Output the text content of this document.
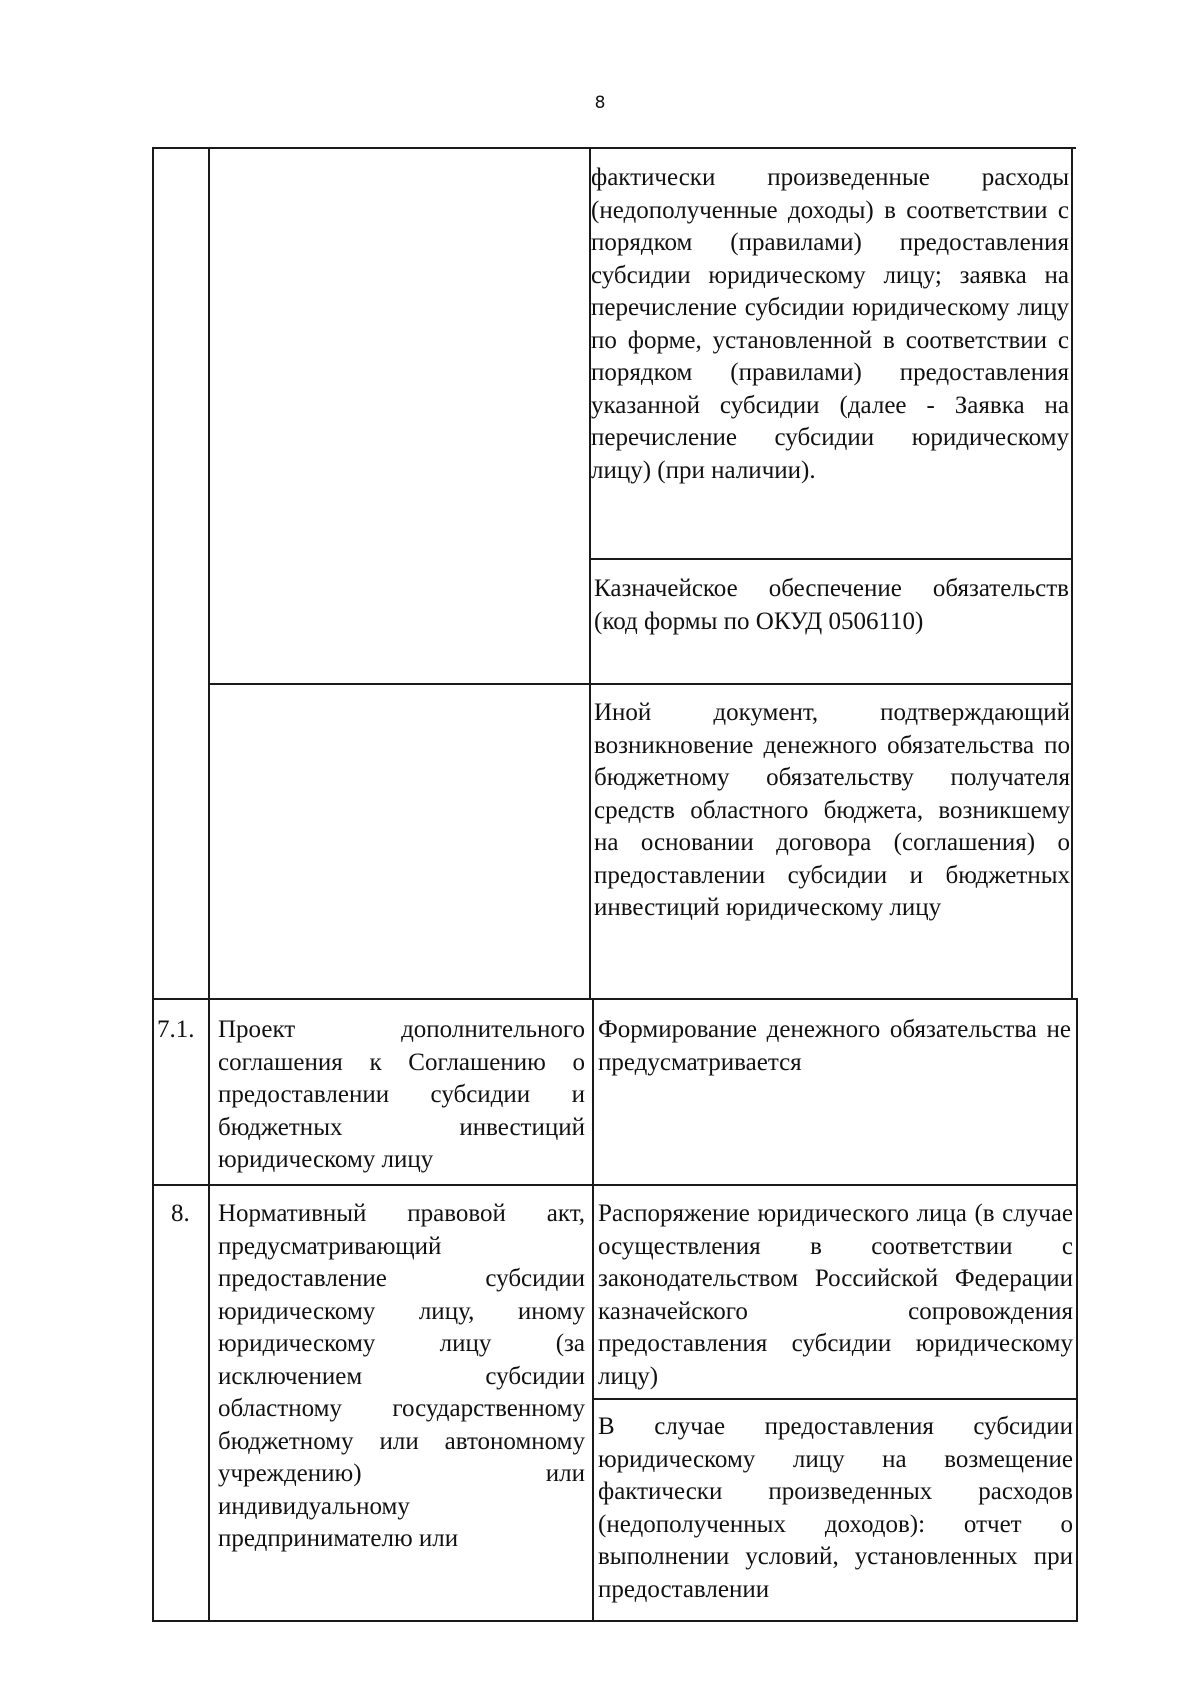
8
фактически произведенные расходы (недополученные доходы) в соответствии с порядком (правилами) предоставления субсидии юридическому лицу; заявка на перечисление субсидии юридическому лицу по форме, установленной в соответствии с порядком (правилами) предоставления указанной субсидии (далее - Заявка на перечисление субсидии юридическому лицу) (при наличии).
Казначейское обеспечение обязательств (код формы по ОКУД 0506110)
Иной документ, подтверждающий возникновение денежного обязательства по бюджетному обязательству получателя средств областного бюджета, возникшему на основании договора (соглашения) о предоставлении субсидии и бюджетных инвестиций юридическому лицу
7.1. Проект дополнительного соглашения к Соглашению о предоставлении субсидии и бюджетных инвестиций юридическому лицу
Формирование денежного обязательства не предусматривается
8. Нормативный правовой акт, предусматривающий предоставление субсидии юридическому лицу, иному юридическому лицу (за исключением субсидии областному государственному бюджетному или автономному учреждению) или индивидуальному предпринимателю или
Распоряжение юридического лица (в случае осуществления в соответствии с законодательством Российской Федерации казначейского сопровождения предоставления субсидии юридическому лицу)
В случае предоставления субсидии юридическому лицу на возмещение фактически произведенных расходов (недополученных доходов): отчет о выполнении условий, установленных при предоставлении
